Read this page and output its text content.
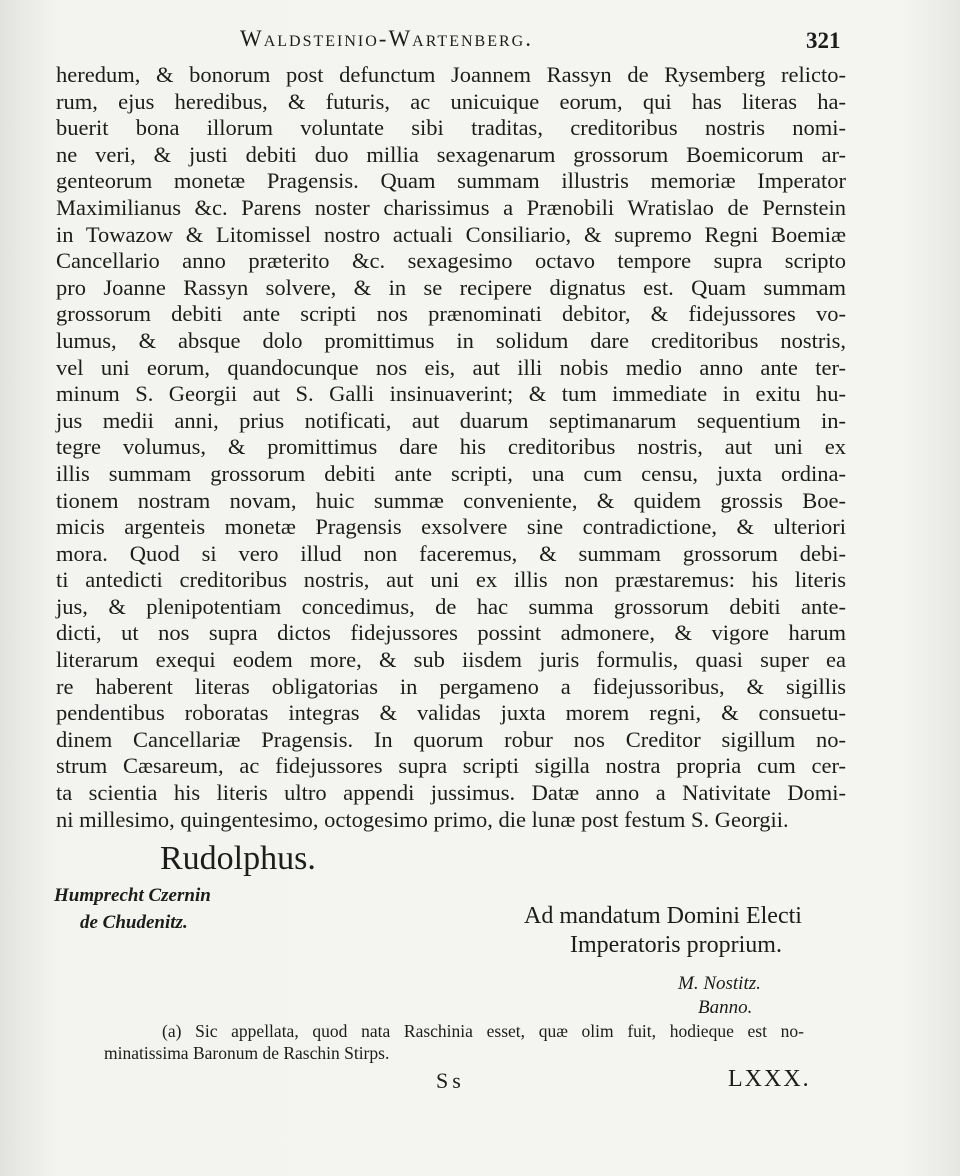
Waldsteinio-Wartenberg.	321
heredum, & bonorum post defunctum Joannem Rassyn de Rysemberg relicto-
rum, ejus heredibus, & futuris, ac unicuique eorum, qui has literas ha-
buerit bona illorum voluntate sibi traditas, creditoribus nostris nomi-
ne veri, & justi debiti duo millia sexagenarum grossorum Boemicorum ar-
genteorum monetæ Pragensis. Quam summam illustris memoriæ Imperator
Maximilianus &c. Parens noster charissimus a Prænobili Wratislao de Pernstein
in Towazow & Litomissel nostro actuali Consiliario, & supremo Regni Boemiæ
Cancellario anno præterito &c. sexagesimo octavo tempore supra scripto
pro Joanne Rassyn solvere, & in se recipere dignatus est. Quam summam
grossorum debiti ante scripti nos prænominati debitor, & fidejussores vo-
lumus, & absque dolo promittimus in solidum dare creditoribus nostris,
vel uni eorum, quandocunque nos eis, aut illi nobis medio anno ante ter-
minum S. Georgii aut S. Galli insinuaverint; & tum immediate in exitu hu-
jus medii anni, prius notificati, aut duarum septimanarum sequentium in-
tegre volumus, & promittimus dare his creditoribus nostris, aut uni ex
illis summam grossorum debiti ante scripti, una cum censu, juxta ordina-
tionem nostram novam, huic summæ conveniente, & quidem grossis Boe-
micis argenteis monetæ Pragensis exsolvere sine contradictione, & ulteriori
mora. Quod si vero illud non faceremus, & summam grossorum debi-
ti antedicti creditoribus nostris, aut uni ex illis non præstaremus: his literis
jus, & plenipotentiam concedimus, de hac summa grossorum debiti ante-
dicti, ut nos supra dictos fidejussores possint admonere, & vigore harum
literarum exequi eodem more, & sub iisdem juris formulis, quasi super ea
re haberent literas obligatorias in pergameno a fidejussoribus, & sigillis
pendentibus roboratas integras & validas juxta morem regni, & consuetu-
dinem Cancellariæ Pragensis. In quorum robur nos Creditor sigillum no-
strum Cæsareum, ac fidejussores supra scripti sigilla nostra propria cum cer-
ta scientia his literis ultro appendi jussimus. Datæ anno a Nativitate Domi-
ni millesimo, quingentesimo, octogesimo primo, die lunæ post festum S. Georgii.
Rudolphus.
Humprecht Czernin
de Chudenitz.	Ad mandatum Domini Electi
Imperatoris proprium.
M. Nostitz.
Banno.
(a) Sic appellata, quod nata Raschinia esset, quæ olim fuit, hodieque est no-
minatissima Baronum de Raschin Stirps.
Ss	LXXX.
